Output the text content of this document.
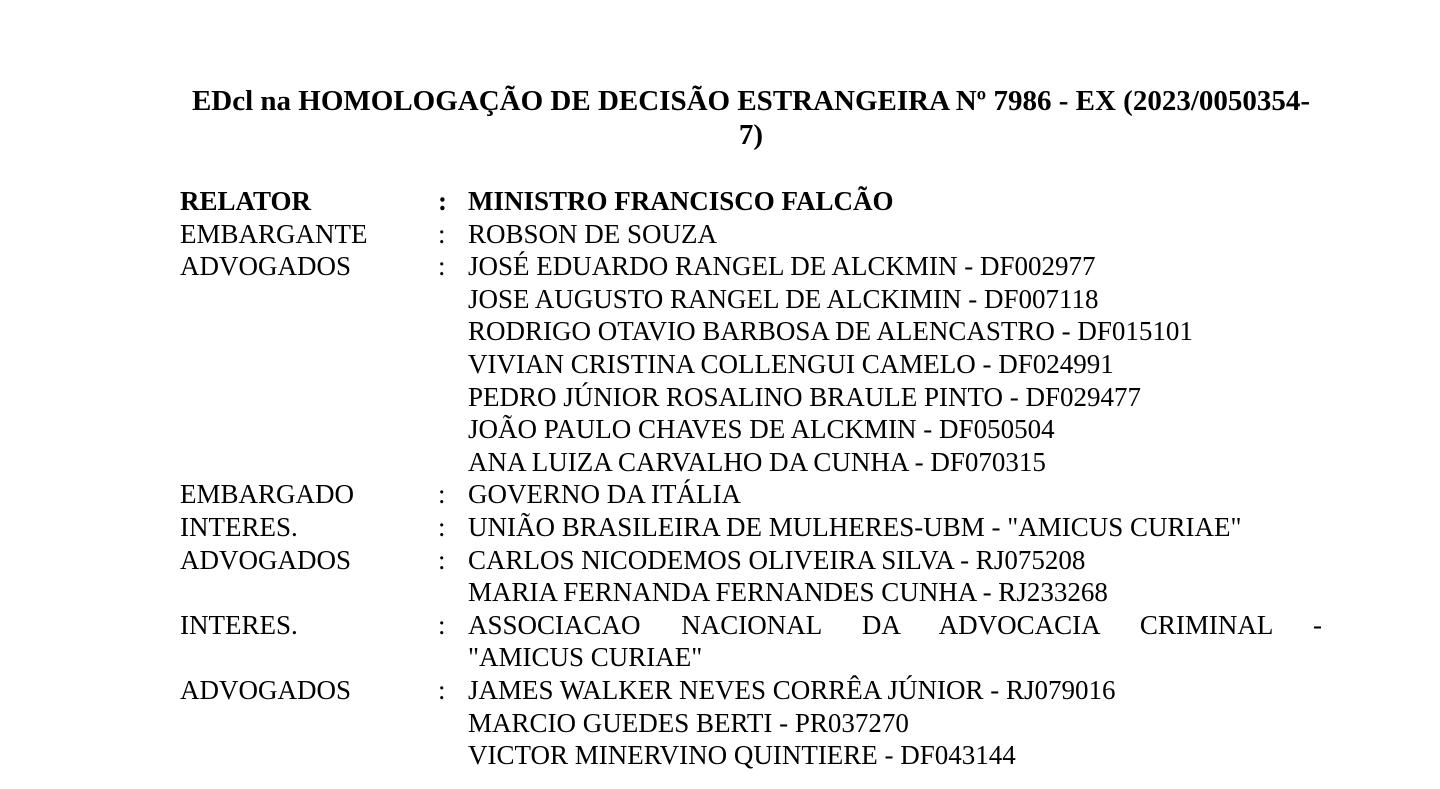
EDcl na HOMOLOGAÇÃO DE DECISÃO ESTRANGEIRA Nº 7986 - EX (2023/0050354-
7)
RELATOR	: MINISTRO FRANCISCO FALCÃO
EMBARGANTE	: ROBSON DE SOUZA
ADVOGADOS	: JOSÉ EDUARDO RANGEL DE ALCKMIN - DF002977
JOSE AUGUSTO RANGEL DE ALCKIMIN - DF007118
RODRIGO OTAVIO BARBOSA DE ALENCASTRO - DF015101
VIVIAN CRISTINA COLLENGUI CAMELO - DF024991
PEDRO JÚNIOR ROSALINO BRAULE PINTO - DF029477
JOÃO PAULO CHAVES DE ALCKMIN - DF050504
ANA LUIZA CARVALHO DA CUNHA - DF070315
EMBARGADO	: GOVERNO DA ITÁLIA
INTERES.	: UNIÃO BRASILEIRA DE MULHERES-UBM - "AMICUS CURIAE"
ADVOGADOS	: CARLOS NICODEMOS OLIVEIRA SILVA - RJ075208
MARIA FERNANDA FERNANDES CUNHA - RJ233268
INTERES.	: ASSOCIACAO NACIONAL DA ADVOCACIA CRIMINAL -
"AMICUS CURIAE"
ADVOGADOS	: JAMES WALKER NEVES CORRÊA JÚNIOR - RJ079016
MARCIO GUEDES BERTI - PR037270
VICTOR MINERVINO QUINTIERE - DF043144
